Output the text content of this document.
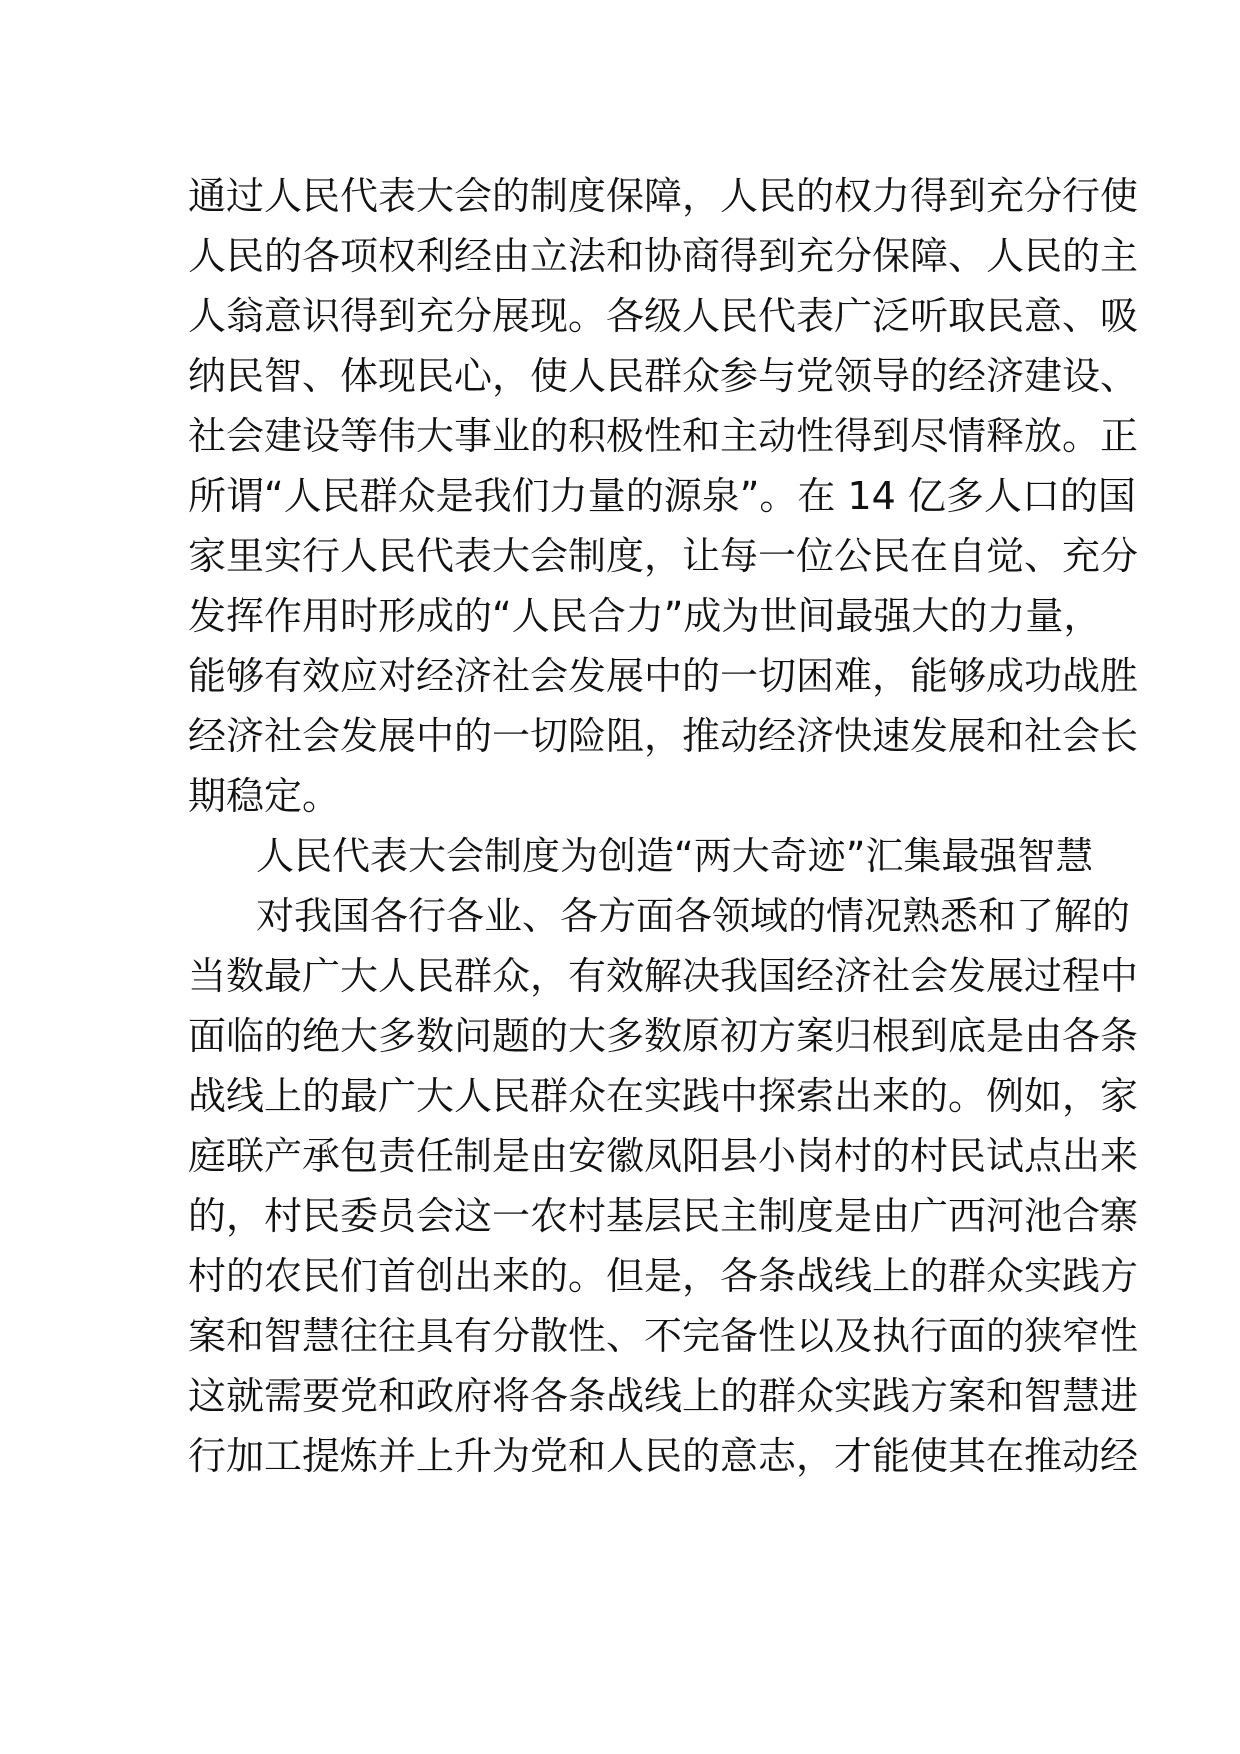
通过人民代表大会的制度保障，人民的权力得到充分行使
人民的各项权利经由立法和协商得到充分保障、人民的主
人翁意识得到充分展现。各级人民代表广泛听取民意、吸
纳民智、体现民心，使人民群众参与党领导的经济建设、
社会建设等伟大事业的积极性和主动性得到尽情释放。正
所谓“人民群众是我们力量的源泉”。在 14 亿多人口的国
家里实行人民代表大会制度，让每一位公民在自觉、充分
发挥作用时形成的“人民合力”成为世间最强大的力量，
能够有效应对经济社会发展中的一切困难，能够成功战胜
经济社会发展中的一切险阻，推动经济快速发展和社会长
期稳定。
人民代表大会制度为创造“两大奇迹”汇集最强智慧
对我国各行各业、各方面各领域的情况熟悉和了解的
当数最广大人民群众，有效解决我国经济社会发展过程中
面临的绝大多数问题的大多数原初方案归根到底是由各条
战线上的最广大人民群众在实践中探索出来的。例如，家
庭联产承包责任制是由安徽凤阳县小岗村的村民试点出来
的，村民委员会这一农村基层民主制度是由广西河池合寨
村的农民们首创出来的。但是，各条战线上的群众实践方
案和智慧往往具有分散性、不完备性以及执行面的狭窄性
这就需要党和政府将各条战线上的群众实践方案和智慧进
行加工提炼并上升为党和人民的意志，才能使其在推动经
